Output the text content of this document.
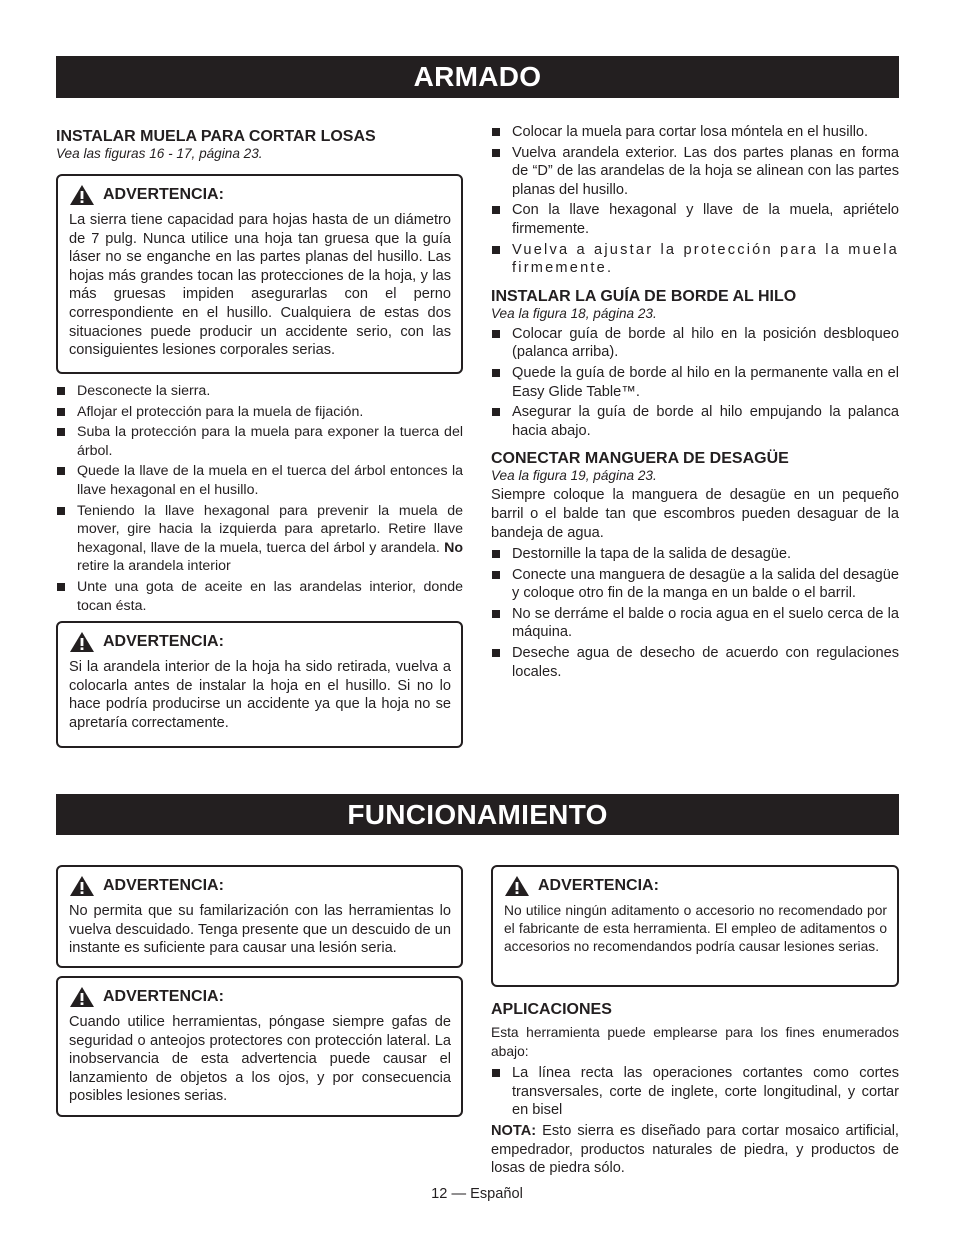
ARMADO
INSTALAR MUELA PARA CORTAR LOSAS

Vea las figuras 16 - 17, página 23.

ADVERTENCIA:
La sierra tiene capacidad para hojas hasta de un diámetro de 7 pulg. Nunca utilice una hoja tan gruesa que la guía láser no se enganche en las partes planas del husillo. Las hojas más grandes tocan las protecciones de la hoja, y las más gruesas impiden asegurarlas con el perno correspondiente en el husillo. Cualquiera de estas dos situaciones puede producir un accidente serio, con las consiguientes lesiones corporales serias.
Desconecte la sierra.
Aflojar el protección para la muela de fijación.
Suba la protección para la muela para exponer la tuerca del árbol.
Quede la llave de la muela en el tuerca del árbol entonces la llave hexagonal en el husillo.
Teniendo la llave hexagonal para prevenir la muela de mover, gire hacia la izquierda para apretarlo. Retire llave hexagonal, llave de la muela, tuerca del árbol y arandela. No retire la arandela interior
Unte una gota de aceite en las arandelas interior, donde tocan ésta.
ADVERTENCIA:
Si la arandela interior de la hoja ha sido retirada, vuelva a colocarla antes de instalar la hoja en el husillo. Si no lo hace podría producirse un accidente ya que la hoja no se apretaría correctamente.
Colocar la muela para cortar losa móntela en el husillo.
Vuelva arandela exterior. Las dos partes planas en forma de “D” de las arandelas de la hoja se alinean con las partes planas del husillo.
Con la llave hexagonal y llave de la muela, apriételo firmemente.
Vuelva a ajustar la protección para la muela firmemente.
INSTALAR LA GUÍA DE BORDE AL HILO

Vea la figura 18, página 23.

Colocar guía de borde al hilo en la posición desbloqueo (palanca arriba).
Quede la guía de borde al hilo en la permanente valla en el Easy Glide Table™.
Asegurar la guía de borde al hilo empujando la palanca hacia abajo.
CONECTAR MANGUERA DE DESAGÜE

Vea la figura 19, página 23.

Siempre coloque la manguera de desagüe en un pequeño barril o el balde tan que escombros pueden desaguar de la bandeja de agua.

Destornille la tapa de la salida de desagüe.
Conecte una manguera de desagüe a la salida del desagüe y coloque otro fin de la manga en un balde o el barril.
No se derráme el balde o rocia agua en el suelo cerca de la máquina.
Deseche agua de desecho de acuerdo con regulaciones locales.
FUNCIONAMIENTO
ADVERTENCIA:
No permita que su familarización con las herramientas lo vuelva descuidado. Tenga presente que un descuido de un instante es suficiente para causar una lesión seria.
ADVERTENCIA:
Cuando utilice herramientas, póngase siempre gafas de seguridad o anteojos protectores con protección lateral. La inobservancia de esta advertencia puede causar el lanzamiento de objetos a los ojos, y por consecuencia posibles lesiones serias.
ADVERTENCIA:
No utilice ningún aditamento o accesorio no recomendado por el fabricante de esta herramienta. El empleo de aditamentos o accesorios no recomendandos podría causar lesiones serias.
APLICACIONES

Esta herramienta puede emplearse para los fines enumerados abajo:

La línea recta las operaciones cortantes como cortes transversales, corte de inglete, corte longitudinal, y cortar en bisel

NOTA: Esto sierra es diseñado para cortar mosaico artificial, empedrador, productos naturales de piedra, y productos de losas de piedra sólo.

12 — Español
